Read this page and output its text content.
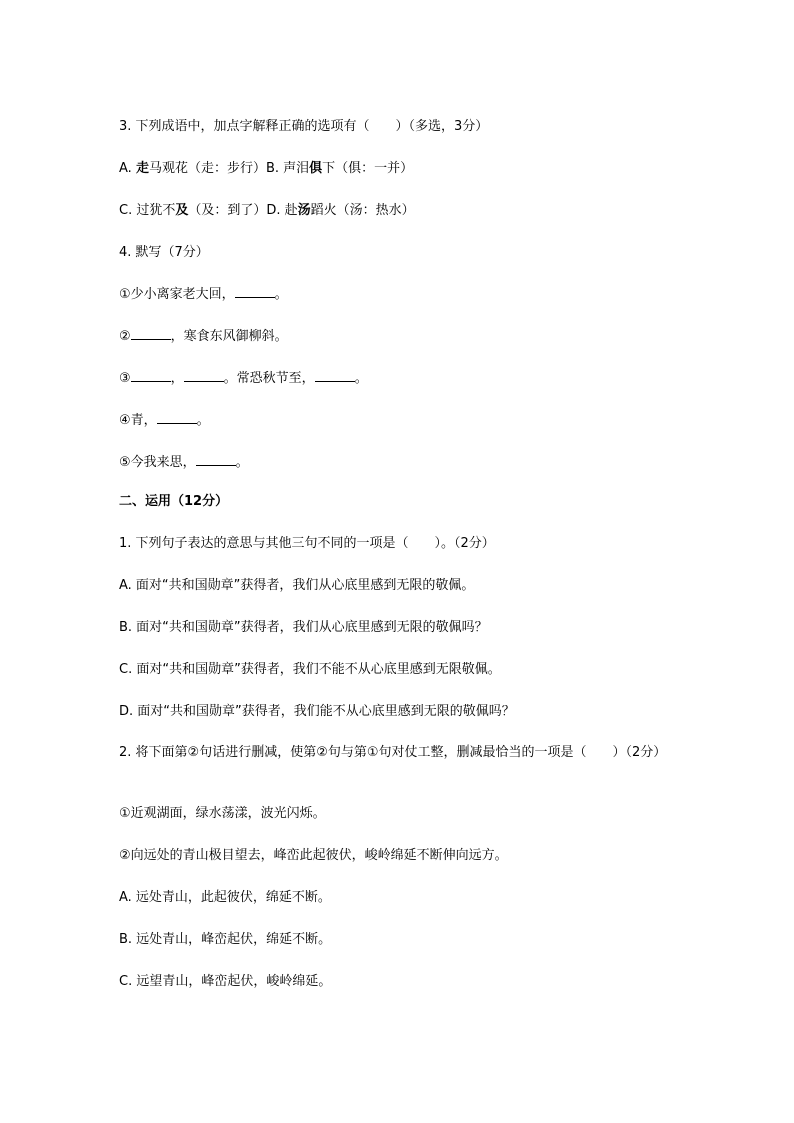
3. 下列成语中，加点字解释正确的选项有（　　）（多选，3分）
A. 走马观花（走：步行）B. 声泪俱下（俱：一并）
C. 过犹不及（及：到了）D. 赴汤蹈火（汤：热水）
4. 默写（7分）
①少小离家老大回，	。
②	，寒食东风御柳斜。
③	，	。常恐秋节至，	。
④青，	。
⑤今我来思，	。
二、运用（12分）
1. 下列句子表达的意思与其他三句不同的一项是（　　）。（2分）
A. 面对“共和国勋章”获得者，我们从心底里感到无限的敬佩。
B. 面对“共和国勋章”获得者，我们从心底里感到无限的敬佩吗？
C. 面对“共和国勋章”获得者，我们不能不从心底里感到无限敬佩。
D. 面对“共和国勋章”获得者，我们能不从心底里感到无限的敬佩吗？
2. 将下面第②句话进行删减，使第②句与第①句对仗工整，删减最恰当的一项是（　　）（2分）
①近观湖面，绿水荡漾，波光闪烁。
②向远处的青山极目望去，峰峦此起彼伏，峻岭绵延不断伸向远方。
A. 远处青山，此起彼伏，绵延不断。
B. 远处青山，峰峦起伏，绵延不断。
C. 远望青山，峰峦起伏，峻岭绵延。
